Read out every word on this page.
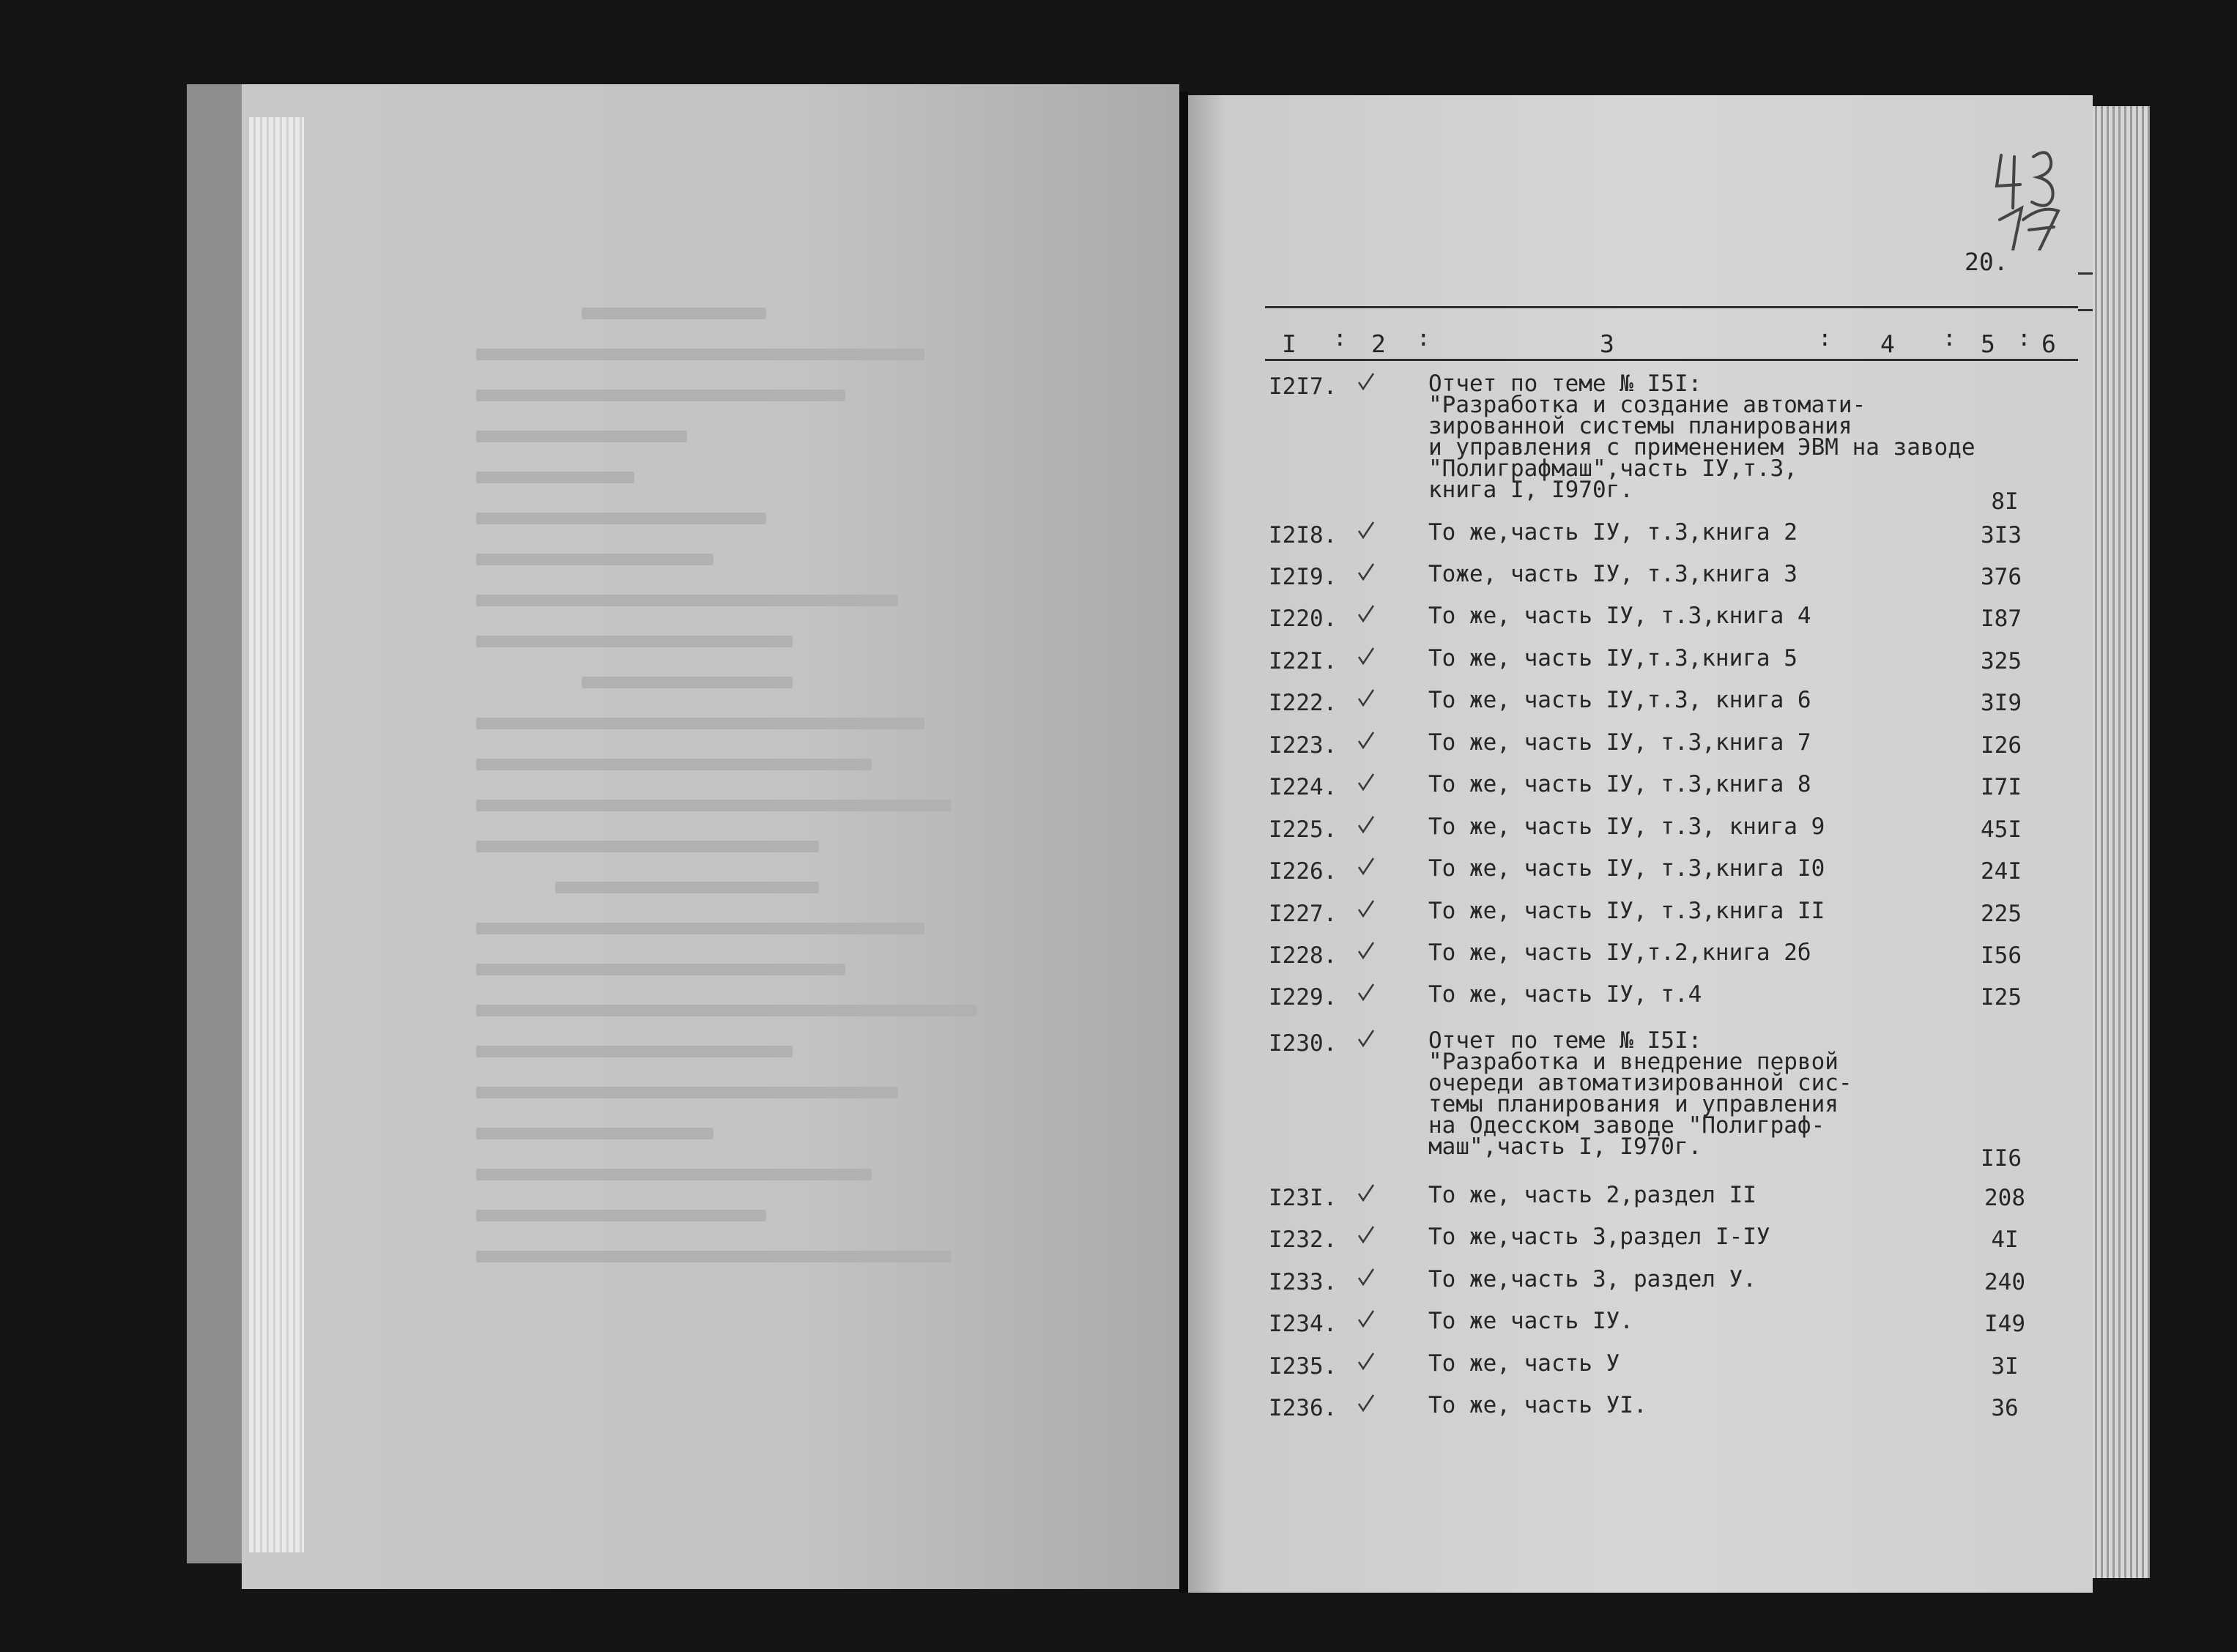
20.
I : 2 :	3	: 4 : 5 : 6
I2I7.	Отчет по теме № I5I:
"Разработка и создание автомати-
зированной системы планирования
и управления с применением ЭВМ на заводе
"Полиграфмаш",часть IУ,т.3,
книга I, I970г.	8I
I2I8.	То же,часть IУ, т.3,книга 2	3I3
I2I9.	Тоже, часть IУ, т.3,книга 3	376
I220.	То же, часть IУ, т.3,книга 4	I87
I22I.	То же, часть IУ,т.3,книга 5	325
I222.	То же, часть IУ,т.3, книга 6	3I9
I223.	То же, часть IУ, т.3,книга 7	I26
I224.	То же, часть IУ, т.3,книга 8	I7I
I225.	То же, часть IУ, т.3, книга 9	45I
I226.	То же, часть IУ, т.3,книга I0	24I
I227.	То же, часть IУ, т.3,книга II	225
I228.	То же, часть IУ,т.2,книга 2б	I56
I229.	То же, часть IУ, т.4	I25
I230.	Отчет по теме № I5I:
"Разработка и внедрение первой
очереди автоматизированной сис-
темы планирования и управления
на Одесском заводе "Полиграф-
маш",часть I, I970г.	II6
I23I.	То же, часть 2,раздел II	208
I232.	То же,часть 3,раздел I-IУ	4I
I233.	То же,часть 3, раздел У.	240
I234.	То же часть IУ.	I49
I235.	То же, часть У	3I
I236.	То же, часть УI.	36
